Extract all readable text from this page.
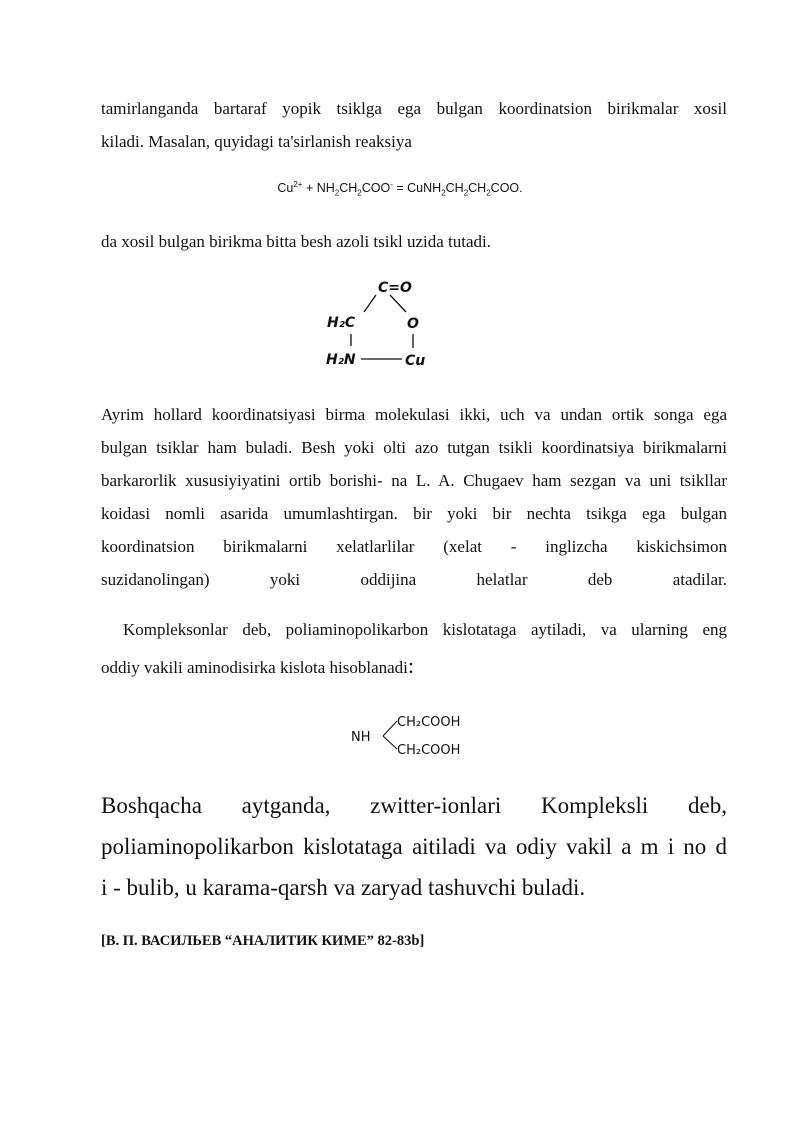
tamirlanganda bartaraf yopik tsiklga ega bulgan koordinatsion birikmalar xosil
kiladi. Masalan, quyidagi ta'sirlanish reaksiya
$Cu^{2+} + NH_2CH_2COO^-$ = $CuNH_2CH_2CH_2COO$.
da xosil bulgan birikma bitta besh azoli tsikl uzida tutadi.
C=O
H₂C	O
H₂N	Cu
Ayrim hollard koordinatsiyasi birma molekulasi ikki, uch va undan ortik songa ega
bulgan tsiklar ham buladi. Besh yoki olti azo tutgan tsikli koordinatsiya birikmalarni
barkarorlik xususiyiyatini ortib borishi- na L. A. Chugaev ham sezgan va uni tsikllar
koidasi nomli asarida umumlashtirgan. bir yoki bir nechta tsikga ega bulgan
koordinatsion birikmalarni xelatlarlilar (xelat - inglizcha kiskichsimon
suzidanolingan) yoki oddijina helatlar deb atadilar.
Kompleksonlar deb, poliaminopolikarbon kislotataga aytiladi, va ularning eng
oddiy vakili aminodisirka kislota hisoblanadi:
NH
CH₂COOH
CH₂COOH
Boshqacha aytganda, zwitter-ionlari Kompleksli deb,
poliaminopolikarbon kislotataga aitiladi va odiy vakil a m i no d
i - bulib, u karama-qarsh va zaryad tashuvchi buladi.
[В. П. ВАСИЛЬЕВ “АНАЛИТИК КИМЕ” 82-83b]
